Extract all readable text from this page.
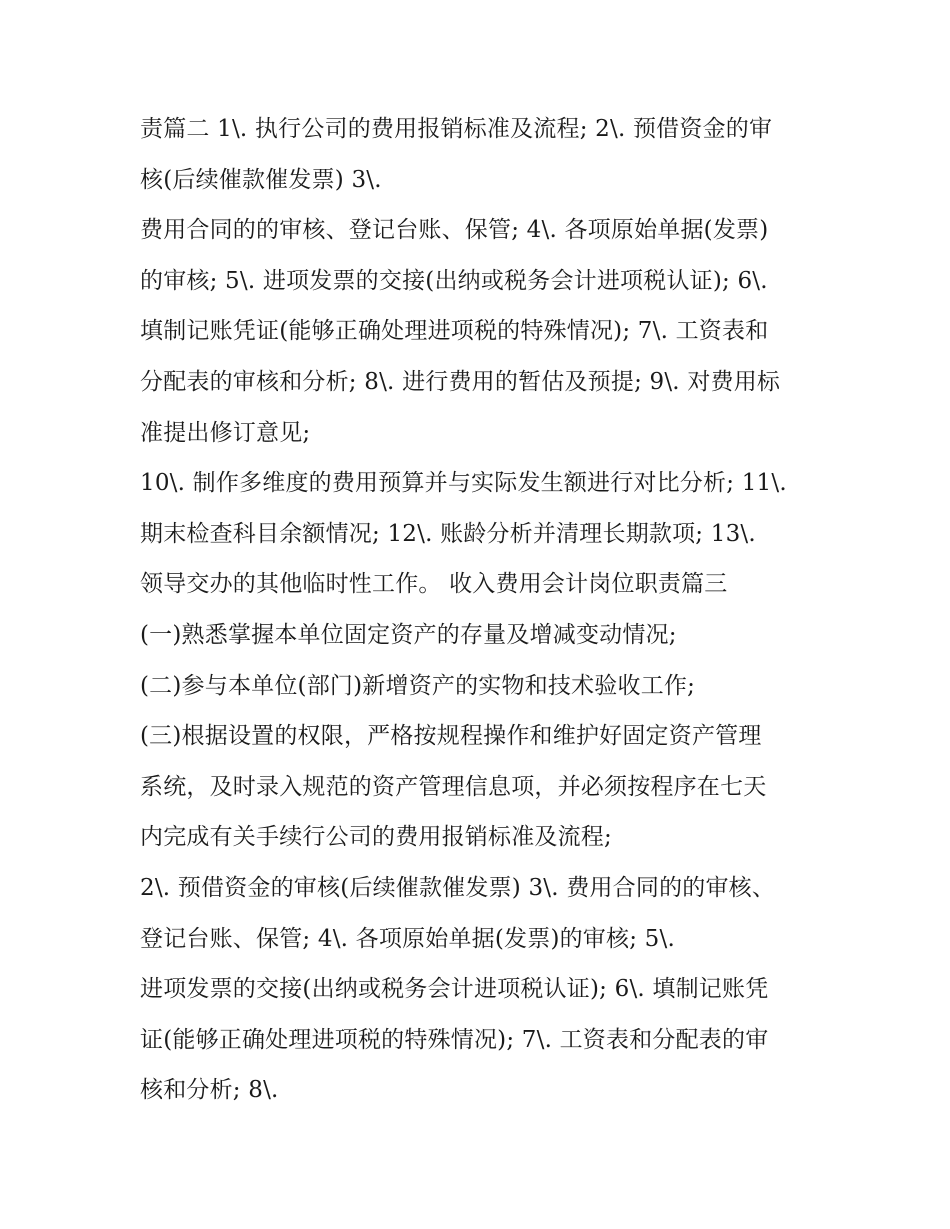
责篇二 1\. 执行公司的费用报销标准及流程; 2\. 预借资金的审
核(后续催款催发票) 3\.
费用合同的的审核、登记台账、保管; 4\. 各项原始单据(发票)
的审核; 5\. 进项发票的交接(出纳或税务会计进项税认证); 6\.
填制记账凭证(能够正确处理进项税的特殊情况); 7\. 工资表和
分配表的审核和分析; 8\. 进行费用的暂估及预提; 9\. 对费用标
准提出修订意见;
10\. 制作多维度的费用预算并与实际发生额进行对比分析; 11\.
期末检查科目余额情况; 12\. 账龄分析并清理长期款项; 13\.
领导交办的其他临时性工作。 收入费用会计岗位职责篇三
(一)熟悉掌握本单位固定资产的存量及增减变动情况;
(二)参与本单位(部门)新增资产的实物和技术验收工作;
(三)根据设置的权限，严格按规程操作和维护好固定资产管理
系统，及时录入规范的资产管理信息项，并必须按程序在七天
内完成有关手续行公司的费用报销标准及流程;
2\. 预借资金的审核(后续催款催发票) 3\. 费用合同的的审核、
登记台账、保管; 4\. 各项原始单据(发票)的审核; 5\.
进项发票的交接(出纳或税务会计进项税认证); 6\. 填制记账凭
证(能够正确处理进项税的特殊情况); 7\. 工资表和分配表的审
核和分析; 8\.
